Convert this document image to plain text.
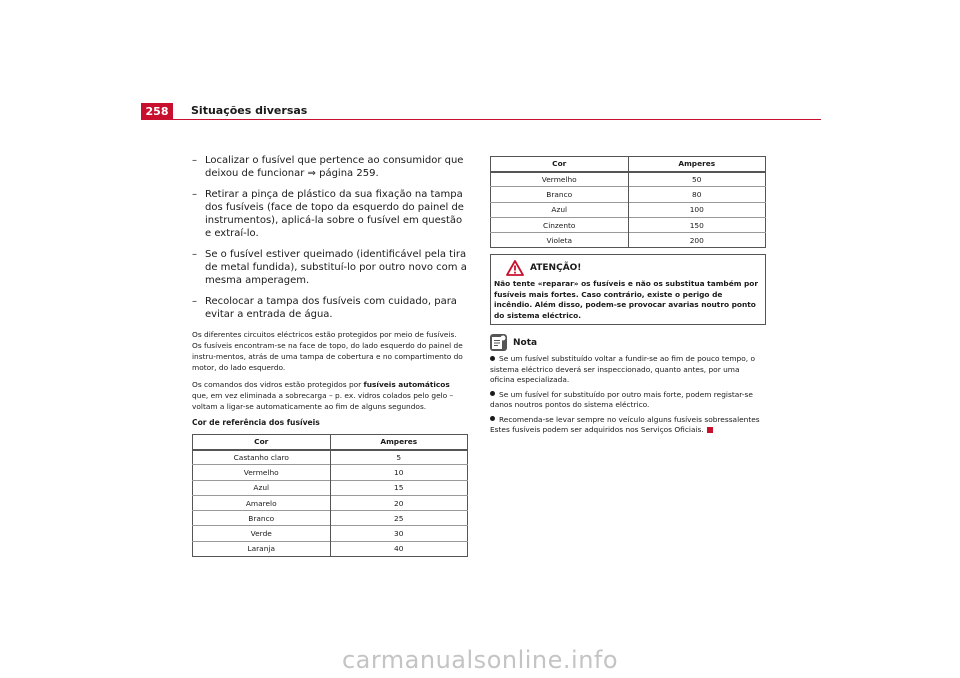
258	Situações diversas
– Localizar o fusível que pertence ao consumidor que deixou de funcionar ⇒ página 259.
– Retirar a pinça de plástico da sua fixação na tampa dos fusíveis (face de topo da esquerdo do painel de instrumentos), aplicá-la sobre o fusível em questão e extraí-lo.
– Se o fusível estiver queimado (identificável pela tira de metal fundida), substituí-lo por outro novo com a mesma amperagem.
– Recolocar a tampa dos fusíveis com cuidado, para evitar a entrada de água.

Os diferentes circuitos eléctricos estão protegidos por meio de fusíveis. Os fusíveis encontram-se na face de topo, do lado esquerdo do painel de instru-mentos, atrás de uma tampa de cobertura e no compartimento do motor, do lado esquerdo.

Os comandos dos vidros estão protegidos por fusíveis automáticos que, em vez eliminada a sobrecarga – p. ex. vidros colados pelo gelo – voltam a ligar-se automaticamente ao fim de alguns segundos.

Cor de referência dos fusíveis
Cor	Amperes
Castanho claro	5
Vermelho	10
Azul	15
Amarelo	20
Branco	25
Verde	30
Laranja	40
Cor	Amperes
Vermelho	50
Branco	80
Azul	100
Cinzento	150
Violeta	200
ATENÇÃO!

Não tente «reparar» os fusíveis e não os substitua também por fusíveis mais fortes. Caso contrário, existe o perigo de incêndio. Além disso, podem-se provocar avarias noutro ponto do sistema eléctrico.

Nota

Se um fusível substituído voltar a fundir-se ao fim de pouco tempo, o sistema eléctrico deverá ser inspeccionado, quanto antes, por uma oficina especializada.

Se um fusível for substituído por outro mais forte, podem registar-se danos noutros pontos do sistema eléctrico.

Recomenda-se levar sempre no veículo alguns fusíveis sobressalentes Estes fusíveis podem ser adquiridos nos Serviços Oficiais.

carmanualsonline.info
